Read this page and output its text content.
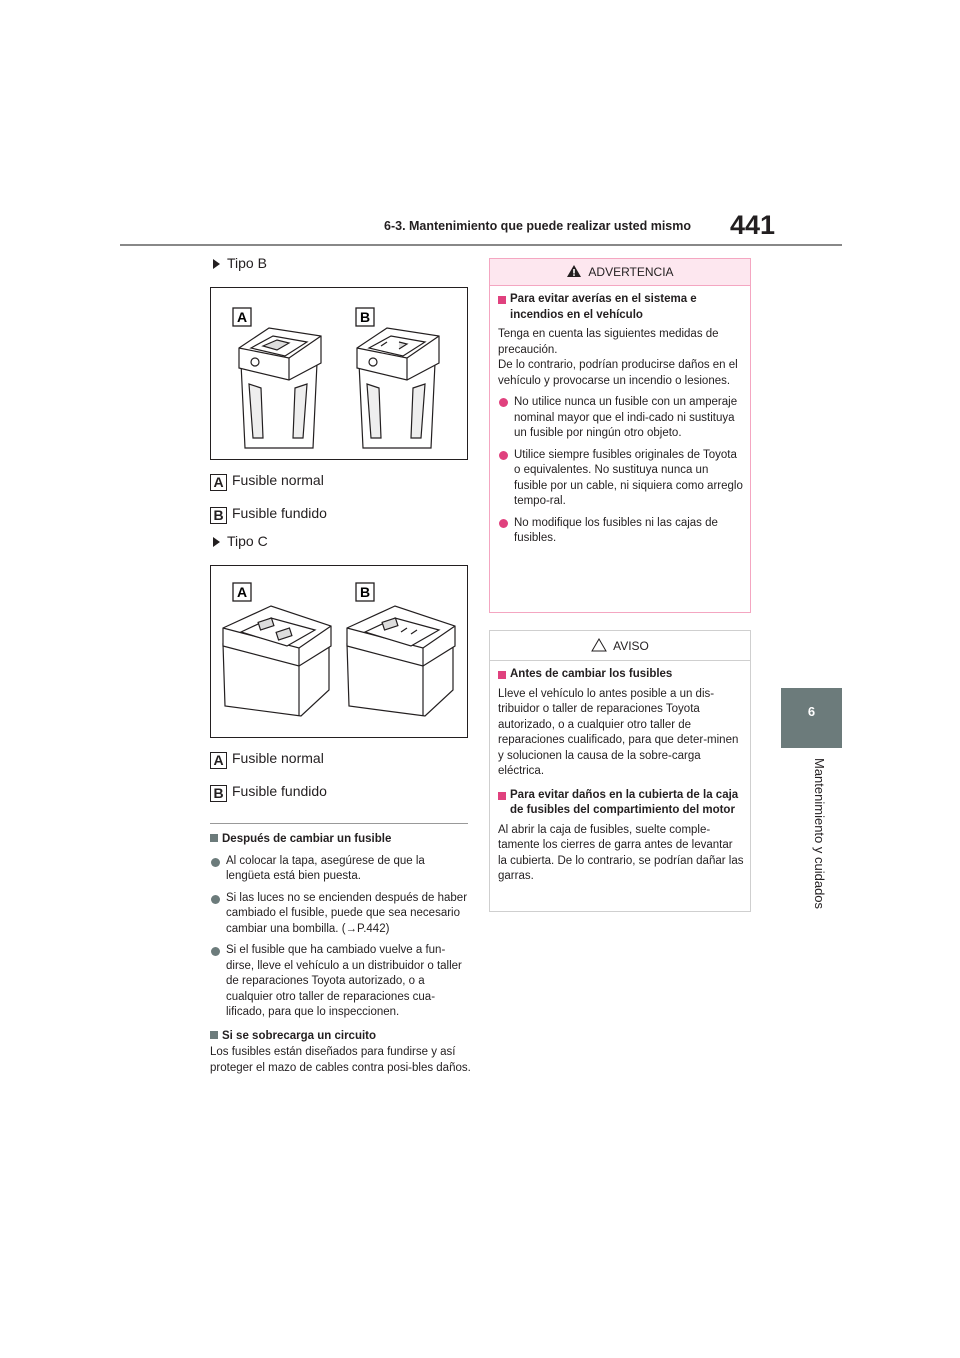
6-3. Mantenimiento que puede realizar usted mismo 441
6
Mantenimiento y cuidados
Tipo B
A	B
A Fusible normal
B Fusible fundido
Tipo C
A	B
A Fusible normal
B Fusible fundido
Después de cambiar un fusible
Al colocar la tapa, asegúrese de que la lengüeta está bien puesta.
Si las luces no se encienden después de haber cambiado el fusible, puede que sea necesario cambiar una bombilla. (→P.442)
Si el fusible que ha cambiado vuelve a fun-dirse, lleve el vehículo a un distribuidor o taller de reparaciones Toyota autorizado, o a cualquier otro taller de reparaciones cua-lificado, para que lo inspeccionen.
Si se sobrecarga un circuito
Los fusibles están diseñados para fundirse y así proteger el mazo de cables contra posi-bles daños.
ADVERTENCIA
Para evitar averías en el sistema e incendios en el vehículo
Tenga en cuenta las siguientes medidas de precaución.
De lo contrario, podrían producirse daños en el vehículo y provocarse un incendio o lesiones.
No utilice nunca un fusible con un amperaje nominal mayor que el indi-cado ni sustituya un fusible por ningún otro objeto.
Utilice siempre fusibles originales de Toyota o equivalentes. No sustituya nunca un fusible por un cable, ni siquiera como arreglo tempo-ral.
No modifique los fusibles ni las cajas de fusibles.
AVISO
Antes de cambiar los fusibles
Lleve el vehículo lo antes posible a un dis-tribuidor o taller de reparaciones Toyota autorizado, o a cualquier otro taller de reparaciones cualificado, para que deter-minen y solucionen la causa de la sobre-carga eléctrica.
Para evitar daños en la cubierta de la caja de fusibles del compartimiento del motor
Al abrir la caja de fusibles, suelte comple-tamente los cierres de garra antes de levantar la cubierta. De lo contrario, se podrían dañar las garras.
